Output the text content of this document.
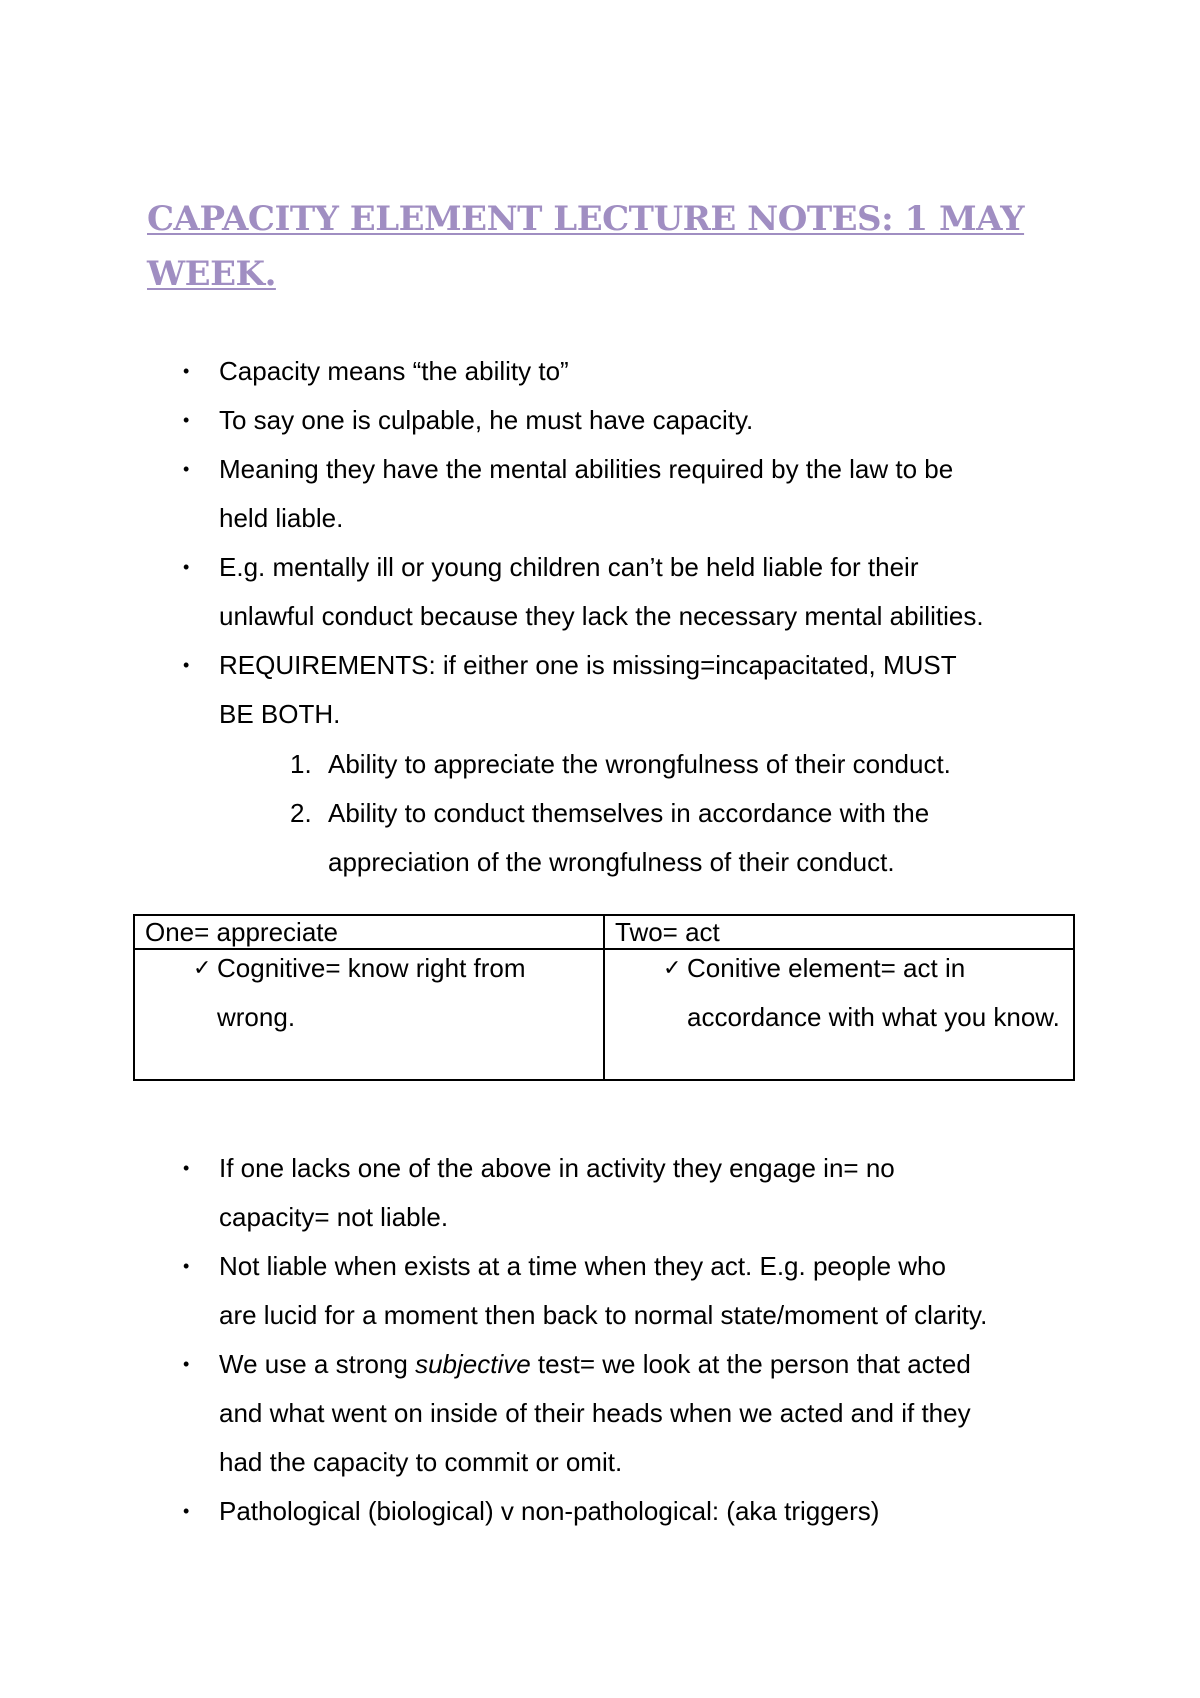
CAPACITY ELEMENT LECTURE NOTES: 1 MAY WEEK.
• Capacity means “the ability to”
• To say one is culpable, he must have capacity.
• Meaning they have the mental abilities required by the law to be
held liable.
• E.g. mentally ill or young children can’t be held liable for their
unlawful conduct because they lack the necessary mental abilities.
• REQUIREMENTS: if either one is missing=incapacitated, MUST
BE BOTH.
1. Ability to appreciate the wrongfulness of their conduct.
2. Ability to conduct themselves in accordance with the
appreciation of the wrongfulness of their conduct.
One= appreciate	Two= act

✓ Cognitive= know right from wrong.	✓ Conitive element= act in accordance with what you know.
• If one lacks one of the above in activity they engage in= no
capacity= not liable.
• Not liable when exists at a time when they act. E.g. people who
are lucid for a moment then back to normal state/moment of clarity.
• We use a strong subjective test= we look at the person that acted
and what went on inside of their heads when we acted and if they
had the capacity to commit or omit.
• Pathological (biological) v non-pathological: (aka triggers)
